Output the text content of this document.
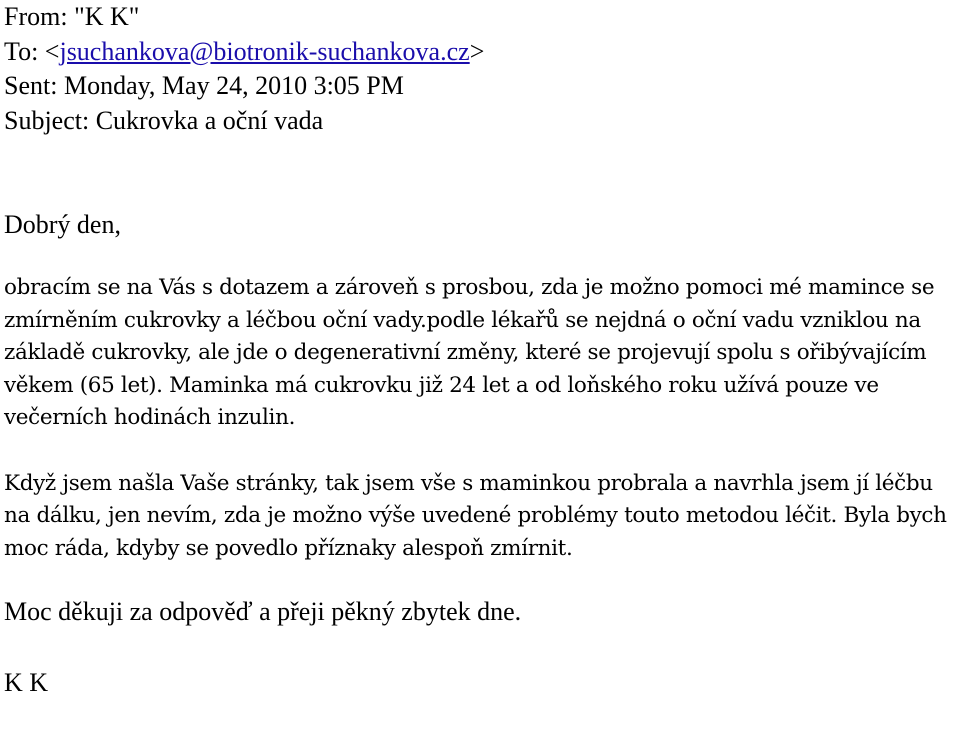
From: "K K"
To: <jsuchankova@biotronik-suchankova.cz>
Sent: Monday, May 24, 2010 3:05 PM
Subject: Cukrovka a oční vada
Dobrý den,

obracím se na Vás s dotazem a zároveň s prosbou, zda je možno pomoci mé mamince se zmírněním cukrovky a léčbou oční vady.podle lékařů se nejdná o oční vadu vzniklou na základě cukrovky, ale jde o degenerativní změny, které se projevují spolu s ořibývajícím věkem (65 let). Maminka má cukrovku již 24 let a od loňského roku užívá pouze ve večerních hodinách inzulin.

Když jsem našla Vaše stránky, tak jsem vše s maminkou probrala a navrhla jsem jí léčbu na dálku, jen nevím, zda je možno výše uvedené problémy touto metodou léčit. Byla bych moc ráda, kdyby se povedlo příznaky alespoň zmírnit.

Moc děkuji za odpověď a přeji pěkný zbytek dne.
K K
